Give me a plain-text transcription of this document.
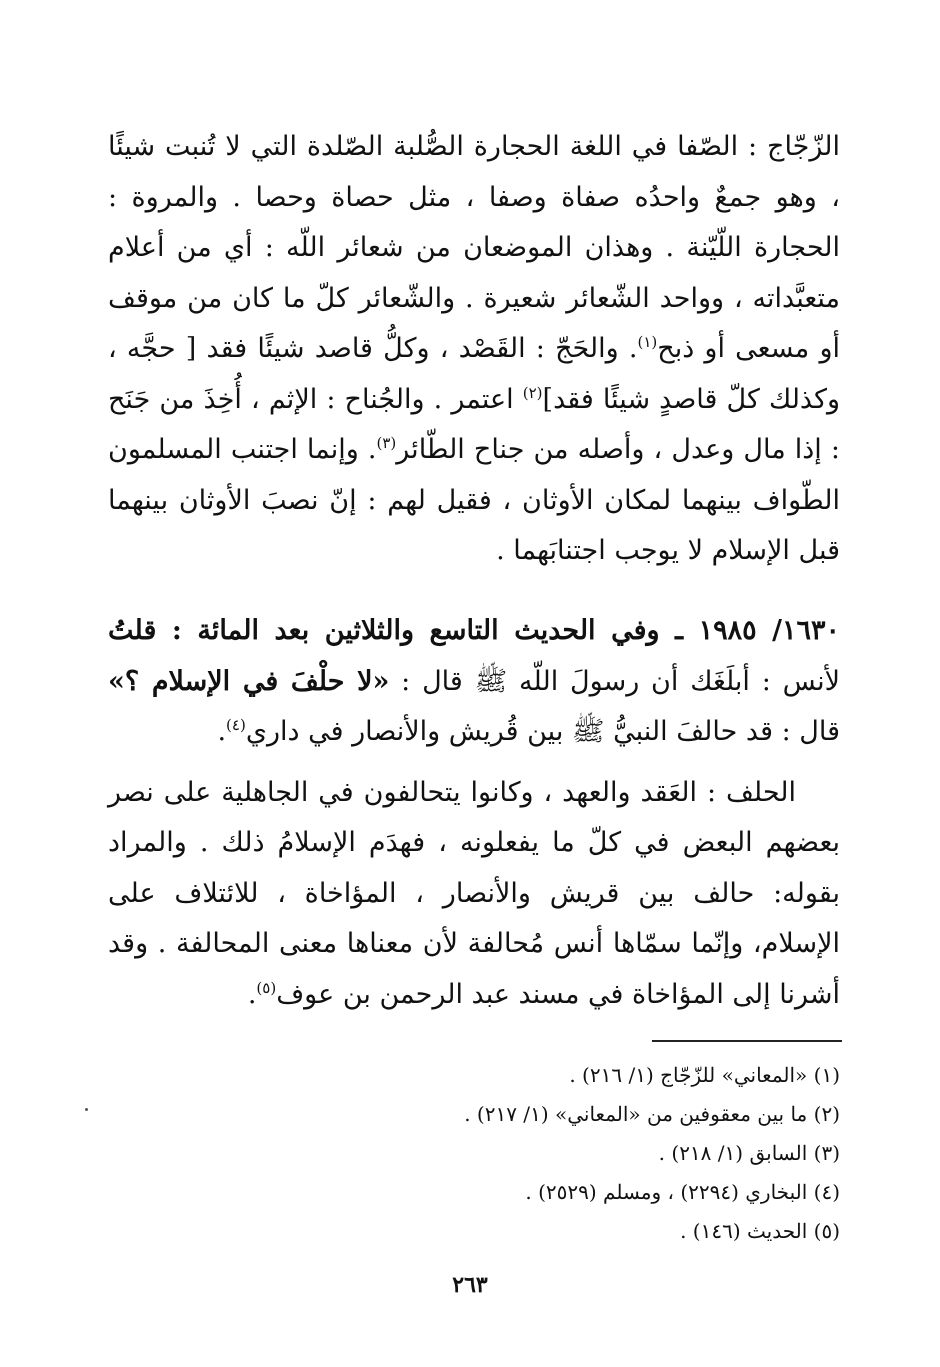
الزّجّاج : الصّفا في اللغة الحجارة الصُّلبة الصّلدة التي لا تُنبت شيئًا ، وهو جمعٌ واحدُه صفاة وصفا ، مثل حصاة وحصا . والمروة : الحجارة اللّيّنة . وهذان الموضعان من شعائر اللّه : أي من أعلام متعبَّداته ، وواحد الشّعائر شعيرة . والشّعائر كلّ ما كان من موقف أو مسعى أو ذبح$^{(١)}$. والحَجّ : القَصْد ، وكلُّ قاصد شيئًا فقد [ حجَّه ، وكذلك كلّ قاصدٍ شيئًا فقد]$^{(٢)}$ اعتمر . والجُناح : الإثم ، أُخِذَ من جَنَح : إذا مال وعدل ، وأصله من جناح الطّائر$^{(٣)}$. وإنما اجتنب المسلمون الطّواف بينهما لمكان الأوثان ، فقيل لهم : إنّ نصبَ الأوثان بينهما قبل الإسلام لا يوجب اجتنابَهما .

١٦٣٠/ ١٩٨٥ ـ وفي الحديث التاسع والثلاثين بعد المائة : قلتُ لأنس : أبلَغَك أن رسولَ اللّه ﷺ قال : «لا حلْفَ في الإسلام ؟» قال : قد حالفَ النبيُّ ﷺ بين قُريش والأنصار في داري$^{(٤)}$.

الحلف : العَقد والعهد ، وكانوا يتحالفون في الجاهلية على نصر بعضهم البعض في كلّ ما يفعلونه ، فهدَم الإسلامُ ذلك . والمراد بقوله: حالف بين قريش والأنصار ، المؤاخاة ، للائتلاف على الإسلام، وإنّما سمّاها أنس مُحالفة لأن معناها معنى المحالفة . وقد أشرنا إلى المؤاخاة في مسند عبد الرحمن بن عوف$^{(٥)}$.

(١) «المعاني» للزّجّاج (١/ ٢١٦) .
(٢) ما بين معقوفين من «المعاني» (١/ ٢١٧) .
(٣) السابق (١/ ٢١٨) .
(٤) البخاري (٢٢٩٤) ، ومسلم (٢٥٢٩) .
(٥) الحديث (١٤٦) .
٢٦٣
